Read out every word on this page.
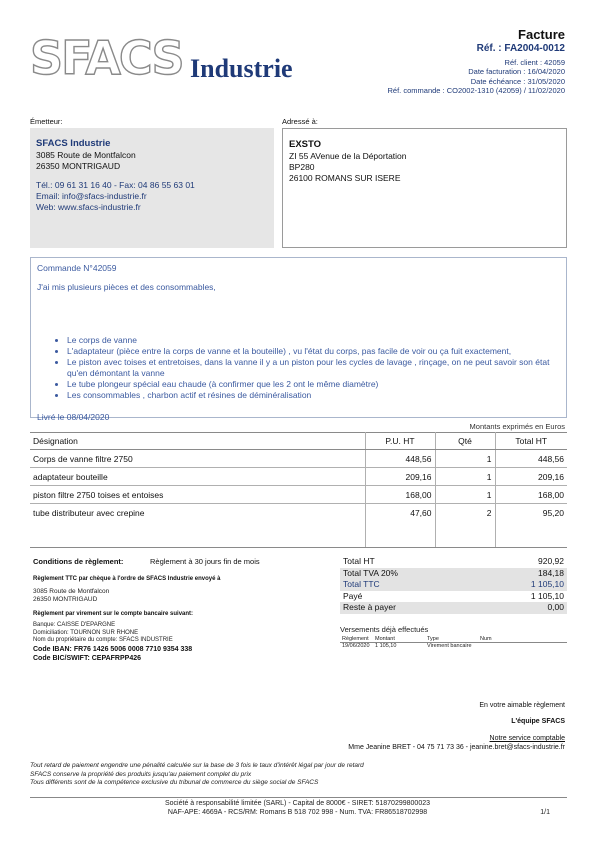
SFACS Industrie
Facture
Réf. : FA2004-0012
Réf. client : 42059
Date facturation : 16/04/2020
Date échéance : 31/05/2020
Réf. commande : CO2002-1310 (42059) / 11/02/2020
Émetteur:	Adressé à:
SFACS Industrie
3085 Route de Montfalcon
26350 MONTRIGAUD
Tél.: 09 61 31 16 40 - Fax: 04 86 55 63 01
Email: info@sfacs-industrie.fr
Web: www.sfacs-industrie.fr
EXSTO
ZI 55 AVenue de la Déportation
BP280
26100 ROMANS SUR ISERE
Commande N°42059
J'ai mis plusieurs pièces et des consommables,
Le corps de vanne
L'adaptateur (pièce entre la corps de vanne et la bouteille) , vu l'état du corps, pas facile de voir ou ça fuit exactement,
Le piston avec toises et entretoises, dans la vanne il y a un piston pour les cycles de lavage , rinçage, on ne peut savoir son état qu'en démontant la vanne
Le tube plongeur spécial eau chaude (à confirmer que les 2 ont le même diamètre)
Les consommables , charbon actif et résines de déminéralisation
Livré le 08/04/2020
Montants exprimés en Euros
Désignation	P.U. HT	Qté	Total HT
Corps de vanne filtre 2750	448,56	1	448,56
adaptateur bouteille	209,16	1	209,16
piston filtre 2750 toises et entoises	168,00	1	168,00
tube distributeur avec crepine	47,60	2	95,20
Conditions de règlement:	Règlement à 30 jours fin de mois
Règlement TTC par chèque à l'ordre de SFACS Industrie envoyé à
3085 Route de Montfalcon
26350 MONTRIGAUD
Règlement par virement sur le compte bancaire suivant:
Banque: CAISSE D'EPARGNE
Domiciliation: TOURNON SUR RHONE
Nom du propriétaire du compte: SFACS INDUSTRIE
Code IBAN: FR76 1426 5006 0008 7710 9354 338
Code BIC/SWIFT: CEPAFRPP426
Total HT	920,92
Total TVA 20%	184,18
Total TTC	1 105,10
Payé	1 105,10
Reste à payer	0,00
Versements déjà effectués
Règlement	Montant	Type	Num
19/06/2020	1 105,10	Virement bancaire	
En votre aimable règlement
L'équipe SFACS
Notre service comptable
Mme Jeanine BRET - 04 75 71 73 36 - jeanine.bret@sfacs-industrie.fr
Tout retard de paiement engendre une pénalité calculée sur la base de 3 fois le taux d'intérêt légal par jour de retard
SFACS conserve la propriété des produits jusqu'au paiement complet du prix
Tous différents sont de la compétence exclusive du tribunal de commerce du siège social de SFACS
Société à responsabilité limitée (SARL) - Capital de 8000€ - SIRET: 51870299800023
NAF-APE: 4669A - RCS/RM: Romans B 518 702 998 - Num. TVA: FR86518702998	1/1
